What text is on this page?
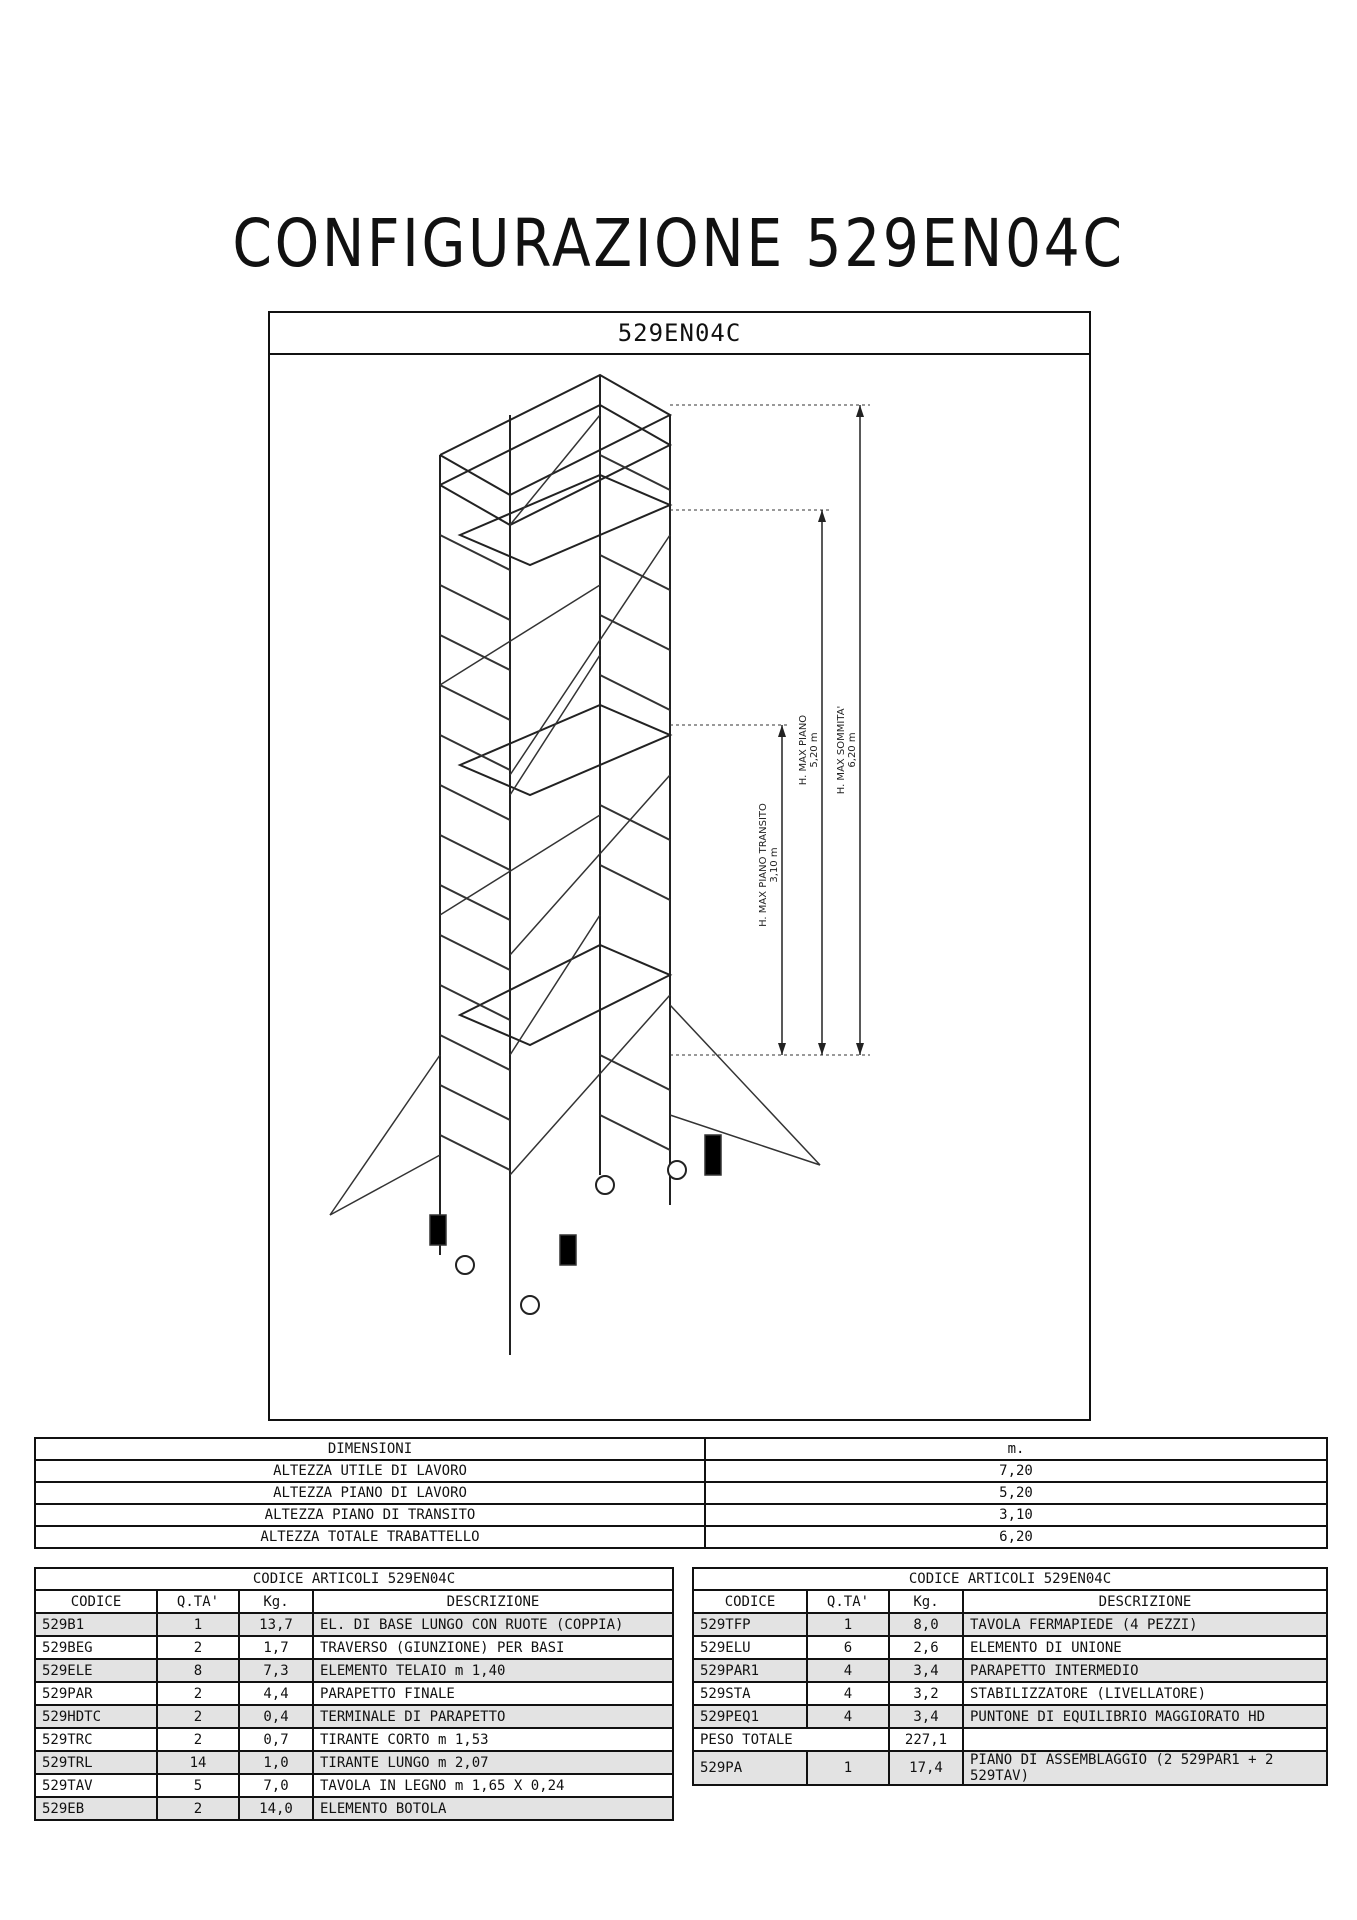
CONFIGURAZIONE 529EN04C
529EN04C
H. MAX PIANO TRANSITO 3,10 m
H. MAX PIANO 5,20 m H. MAX SOMMITA' 6,20 m
DIMENSIONI	m.
ALTEZZA UTILE DI LAVORO	7,20
ALTEZZA PIANO DI LAVORO	5,20
ALTEZZA PIANO DI TRANSITO	3,10
ALTEZZA TOTALE TRABATTELLO	6,20
CODICE ARTICOLI 529EN04C			
CODICE	Q.TA'	Kg.	DESCRIZIONE
529B1	1	13,7	EL. DI BASE LUNGO CON RUOTE (COPPIA)
529BEG	2	1,7	TRAVERSO (GIUNZIONE) PER BASI
529ELE	8	7,3	ELEMENTO TELAIO m 1,40
529PAR	2	4,4	PARAPETTO FINALE
529HDTC	2	0,4	TERMINALE DI PARAPETTO
529TRC	2	0,7	TIRANTE CORTO m 1,53
529TRL	14	1,0	TIRANTE LUNGO m 2,07
529TAV	5	7,0	TAVOLA IN LEGNO m 1,65 X 0,24
529EB	2	14,0	ELEMENTO BOTOLA
CODICE ARTICOLI 529EN04C			
CODICE	Q.TA'	Kg.	DESCRIZIONE
529TFP	1	8,0	TAVOLA FERMAPIEDE (4 PEZZI)
529ELU	6	2,6	ELEMENTO DI UNIONE
529PAR1	4	3,4	PARAPETTO INTERMEDIO
529STA	4	3,2	STABILIZZATORE (LIVELLATORE)
529PEQ1	4	3,4	PUNTONE DI EQUILIBRIO MAGGIORATO HD
PESO TOTALE		227,1	
529PA	1	17,4	PIANO DI ASSEMBLAGGIO (2 529PAR1 + 2 529TAV)
